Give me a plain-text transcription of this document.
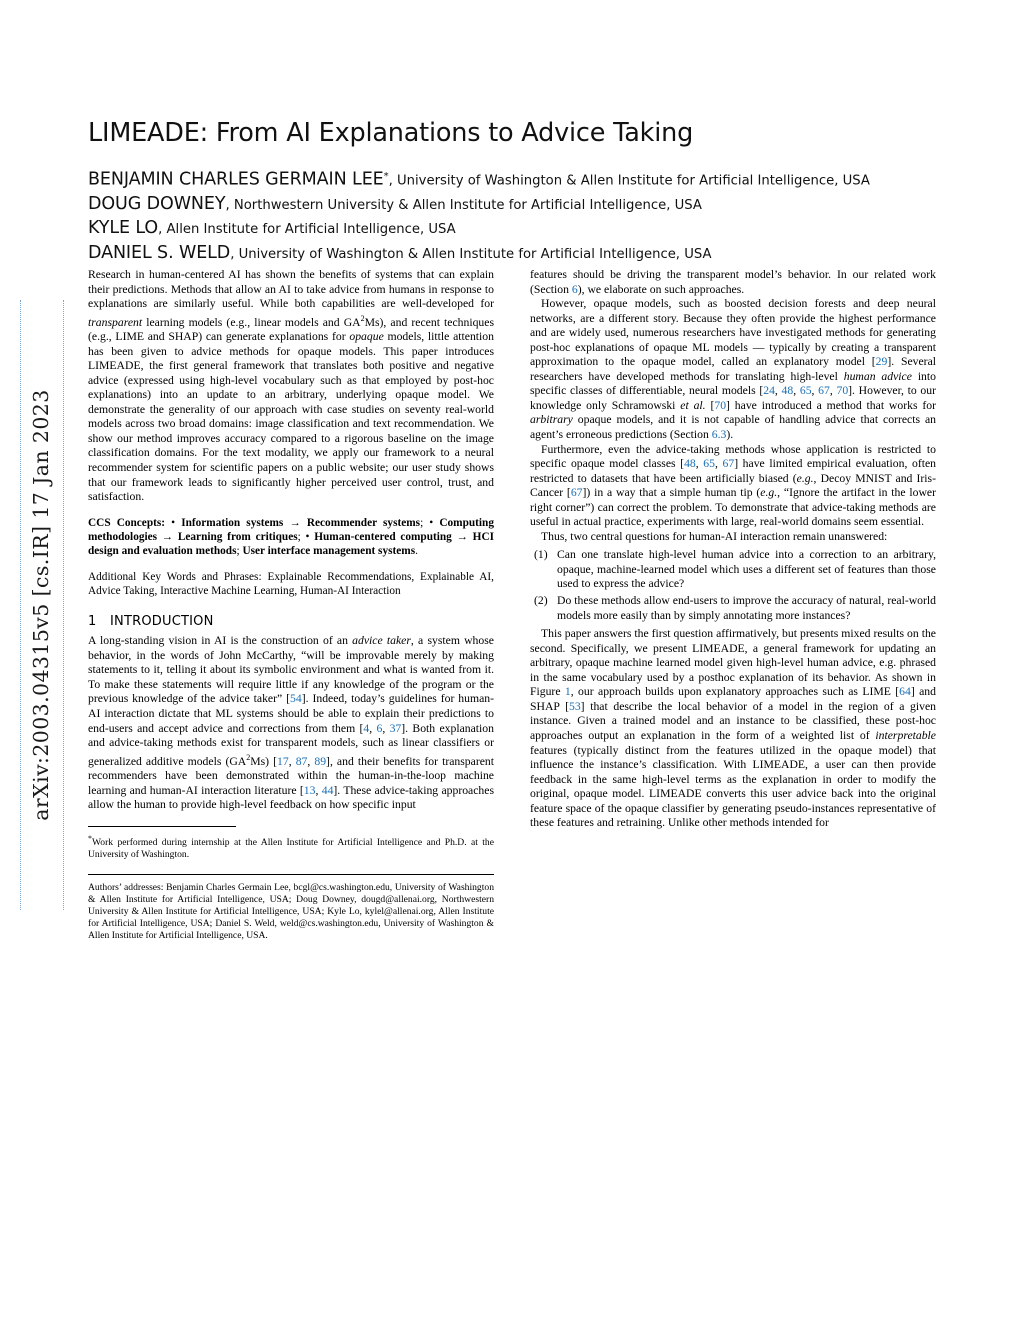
arXiv:2003.04315v5 [cs.IR] 17 Jan 2023
LIMEADE: From AI Explanations to Advice Taking
BENJAMIN CHARLES GERMAIN LEE*, University of Washington & Allen Institute for Artificial Intelligence, USA
DOUG DOWNEY, Northwestern University & Allen Institute for Artificial Intelligence, USA
KYLE LO, Allen Institute for Artificial Intelligence, USA
DANIEL S. WELD, University of Washington & Allen Institute for Artificial Intelligence, USA

Research in human-centered AI has shown the benefits of systems that can explain their predictions. Methods that allow an AI to take advice from humans in response to explanations are similarly useful. While both capabilities are well-developed for transparent learning models (e.g., linear models and $GA^2Ms$), and recent techniques (e.g., LIME and SHAP) can generate explanations for opaque models, little attention has been given to advice methods for opaque models. This paper introduces LIMEADE, the first general framework that translates both positive and negative advice (expressed using high-level vocabulary such as that employed by post-hoc explanations) into an update to an arbitrary, underlying opaque model. We demonstrate the generality of our approach with case studies on seventy real-world models across two broad domains: image classification and text recommendation. We show our method improves accuracy compared to a rigorous baseline on the image classification domains. For the text modality, we apply our framework to a neural recommender system for scientific papers on a public website; our user study shows that our framework leads to significantly higher perceived user control, trust, and satisfaction.

CCS Concepts: • Information systems → Recommender systems; • Computing methodologies → Learning from critiques; • Human-centered computing → HCI design and evaluation methods; User interface management systems.
Additional Key Words and Phrases: Explainable Recommendations, Explainable AI, Advice Taking, Interactive Machine Learning, Human-AI Interaction
1 INTRODUCTION

A long-standing vision in AI is the construction of an advice taker, a system whose behavior, in the words of John McCarthy, “will be improvable merely by making statements to it, telling it about its symbolic environment and what is wanted from it. To make these statements will require little if any knowledge of the program or the previous knowledge of the advice taker” [54]. Indeed, today’s guidelines for human-AI interaction dictate that ML systems should be able to explain their predictions to end-users and accept advice and corrections from them [4, 6, 37]. Both explanation and advice-taking methods exist for transparent models, such as linear classifiers or generalized additive models $(GA^2Ms)$ [17, 87, 89], and their benefits for transparent recommenders have been demonstrated within the human-in-the-loop machine learning and human-AI interaction literature [13, 44]. These advice-taking approaches allow the human to provide high-level feedback on how specific input

*Work performed during internship at the Allen Institute for Artificial Intelligence and Ph.D. at the University of Washington.
Authors’ addresses: Benjamin Charles Germain Lee, bcgl@cs.washington.edu, University of Washington & Allen Institute for Artificial Intelligence, USA; Doug Downey, dougd@allenai.org, Northwestern University & Allen Institute for Artificial Intelligence, USA; Kyle Lo, kylel@allenai.org, Allen Institute for Artificial Intelligence, USA; Daniel S. Weld, weld@cs.washington.edu, University of Washington & Allen Institute for Artificial Intelligence, USA.

features should be driving the transparent model’s behavior. In our related work (Section 6), we elaborate on such approaches.

However, opaque models, such as boosted decision forests and deep neural networks, are a different story. Because they often provide the highest performance and are widely used, numerous researchers have investigated methods for generating post-hoc explanations of opaque ML models — typically by creating a transparent approximation to the opaque model, called an explanatory model [29]. Several researchers have developed methods for translating high-level human advice into specific classes of differentiable, neural models [24, 48, 65, 67, 70]. However, to our knowledge only Schramowski et al. [70] have introduced a method that works for arbitrary opaque models, and it is not capable of handling advice that corrects an agent’s erroneous predictions (Section 6.3).

Furthermore, even the advice-taking methods whose application is restricted to specific opaque model classes [48, 65, 67] have limited empirical evaluation, often restricted to datasets that have been artificially biased (e.g., Decoy MNIST and Iris-Cancer [67]) in a way that a simple human tip (e.g., “Ignore the artifact in the lower right corner”) can correct the problem. To demonstrate that advice-taking methods are useful in actual practice, experiments with large, real-world domains seem essential.

Thus, two central questions for human-AI interaction remain unanswered:

(1) Can one translate high-level human advice into a correction to an arbitrary, opaque, machine-learned model which uses a different set of features than those used to express the advice?
(2) Do these methods allow end-users to improve the accuracy of natural, real-world models more easily than by simply annotating more instances?

This paper answers the first question affirmatively, but presents mixed results on the second. Specifically, we present LIMEADE, a general framework for updating an arbitrary, opaque machine learned model given high-level human advice, e.g. phrased in the same vocabulary used by a posthoc explanation of its behavior. As shown in Figure 1, our approach builds upon explanatory approaches such as LIME [64] and SHAP [53] that describe the local behavior of a model in the region of a given instance. Given a trained model and an instance to be classified, these post-hoc approaches output an explanation in the form of a weighted list of interpretable features (typically distinct from the features utilized in the opaque model) that influence the instance’s classification. With LIMEADE, a user can then provide feedback in the same high-level terms as the explanation in order to modify the original, opaque model. LIMEADE converts this user advice back into the original feature space of the opaque classifier by generating pseudo-instances representative of these features and retraining. Unlike other methods intended for
